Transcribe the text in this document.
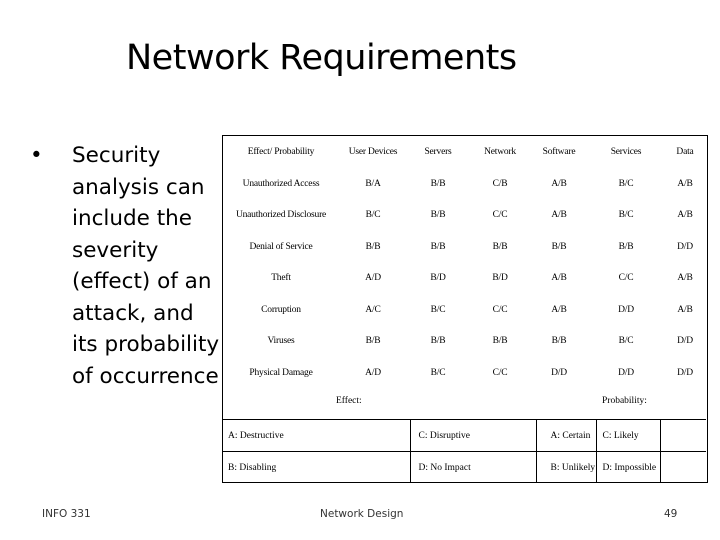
Network Requirements
• Security
analysis can
include the
severity
(effect) of an
attack, and
its probability
of occurrence
Effect/ Probability	User Devices	Servers	Network	Software	Services	Data
Unauthorized Access	B/A	B/B	C/B	A/B	B/C	A/B
Unauthorized Disclosure	B/C	B/B	C/C	A/B	B/C	A/B
Denial of Service	B/B	B/B	B/B	B/B	B/B	D/D
Theft	A/D	B/D	B/D	A/B	C/C	A/B
Corruption	A/C	B/C	C/C	A/B	D/D	A/B
Viruses	B/B	B/B	B/B	B/B	B/C	D/D
Physical Damage	A/D	B/C	C/C	D/D	D/D	D/D
Effect:		Probability:		
A: Destructive	C: Disruptive	A: Certain	C: Likely	
B: Disabling	D: No Impact	B: Unlikely	D: Impossible	
INFO 331	Network Design	49
